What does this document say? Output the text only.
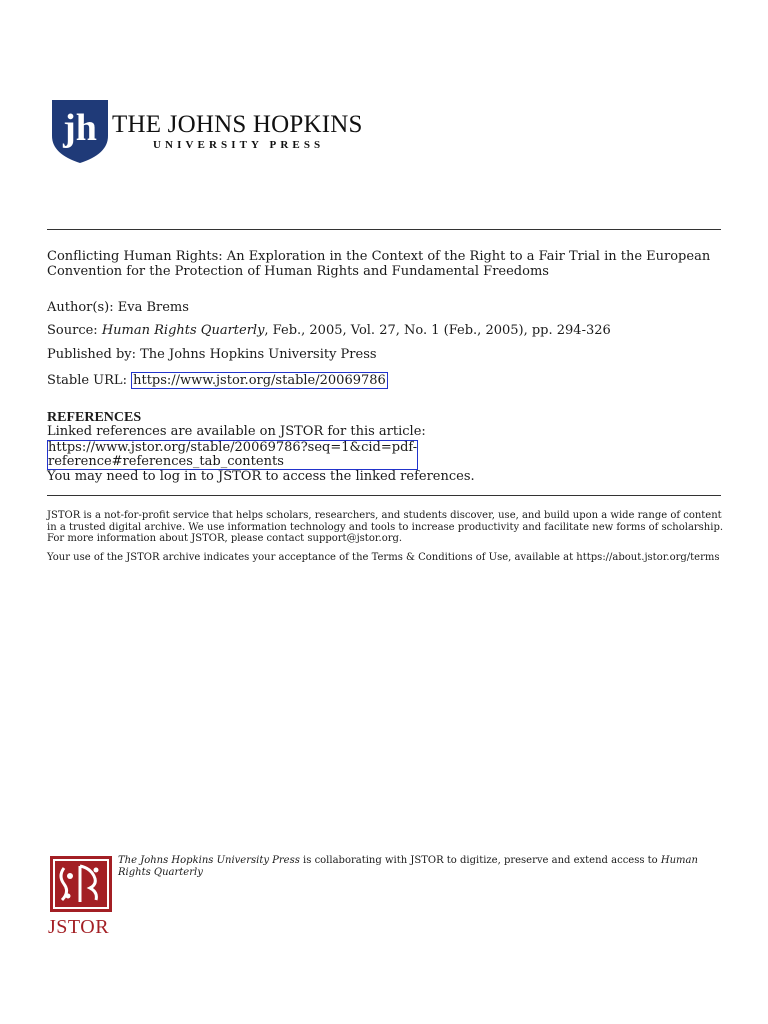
jh THE JOHNS HOPKINS
UNIVERSITY PRESS
Conflicting Human Rights: An Exploration in the Context of the Right to a Fair Trial in the European Convention for the Protection of Human Rights and Fundamental Freedoms
Author(s): Eva Brems
Source: Human Rights Quarterly, Feb., 2005, Vol. 27, No. 1 (Feb., 2005), pp. 294-326
Published by: The Johns Hopkins University Press
Stable URL: https://www.jstor.org/stable/20069786
REFERENCES
Linked references are available on JSTOR for this article:
https://www.jstor.org/stable/20069786?seq=1&cid=pdf-
reference#references_tab_contents
You may need to log in to JSTOR to access the linked references.
JSTOR is a not-for-profit service that helps scholars, researchers, and students discover, use, and build upon a wide range of content in a trusted digital archive. We use information technology and tools to increase productivity and facilitate new forms of scholarship. For more information about JSTOR, please contact support@jstor.org.
Your use of the JSTOR archive indicates your acceptance of the Terms & Conditions of Use, available at https://about.jstor.org/terms
JSTOR
The Johns Hopkins University Press is collaborating with JSTOR to digitize, preserve and extend access to Human Rights Quarterly
